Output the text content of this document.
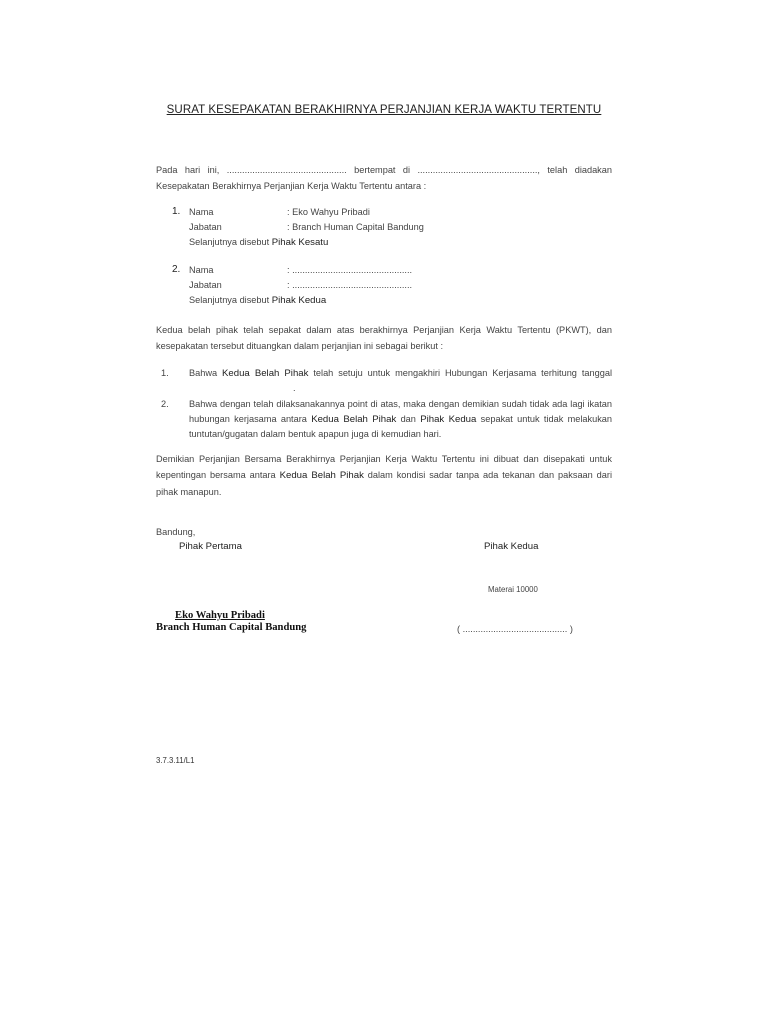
SURAT KESEPAKATAN BERAKHIRNYA PERJANJIAN KERJA WAKTU TERTENTU
Pada hari ini, ............................................... bertempat di ..............................................., telah diadakan Kesepakatan Berakhirnya Perjanjian Kerja Waktu Tertentu antara :
1. Nama	: Eko Wahyu Pribadi
Jabatan	: Branch Human Capital Bandung
Selanjutnya disebut Pihak Kesatu
2. Nama	: ...............................................
Jabatan	: ...............................................
Selanjutnya disebut Pihak Kedua
Kedua belah pihak telah sepakat dalam atas berakhirnya Perjanjian Kerja Waktu Tertentu (PKWT), dan kesepakatan tersebut dituangkan dalam perjanjian ini sebagai berikut :
1. Bahwa Kedua Belah Pihak telah setuju untuk mengakhiri Hubungan Kerjasama terhitung tanggal.
2. Bahwa dengan telah dilaksanakannya point di atas, maka dengan demikian sudah tidak ada lagi ikatan hubungan kerjasama antara Kedua Belah Pihak dan Pihak Kedua sepakat untuk tidak melakukan tuntutan/gugatan dalam bentuk apapun juga di kemudian hari.
Demikian Perjanjian Bersama Berakhirnya Perjanjian Kerja Waktu Tertentu ini dibuat dan disepakati untuk kepentingan bersama antara Kedua Belah Pihak dalam kondisi sadar tanpa ada tekanan dan paksaan dari pihak manapun.
Bandung,
Pihak Pertama	Pihak Kedua
Materai 10000
Eko Wahyu Pribadi
Branch Human Capital Bandung	( ......................................... )
3.7.3.11/L1
